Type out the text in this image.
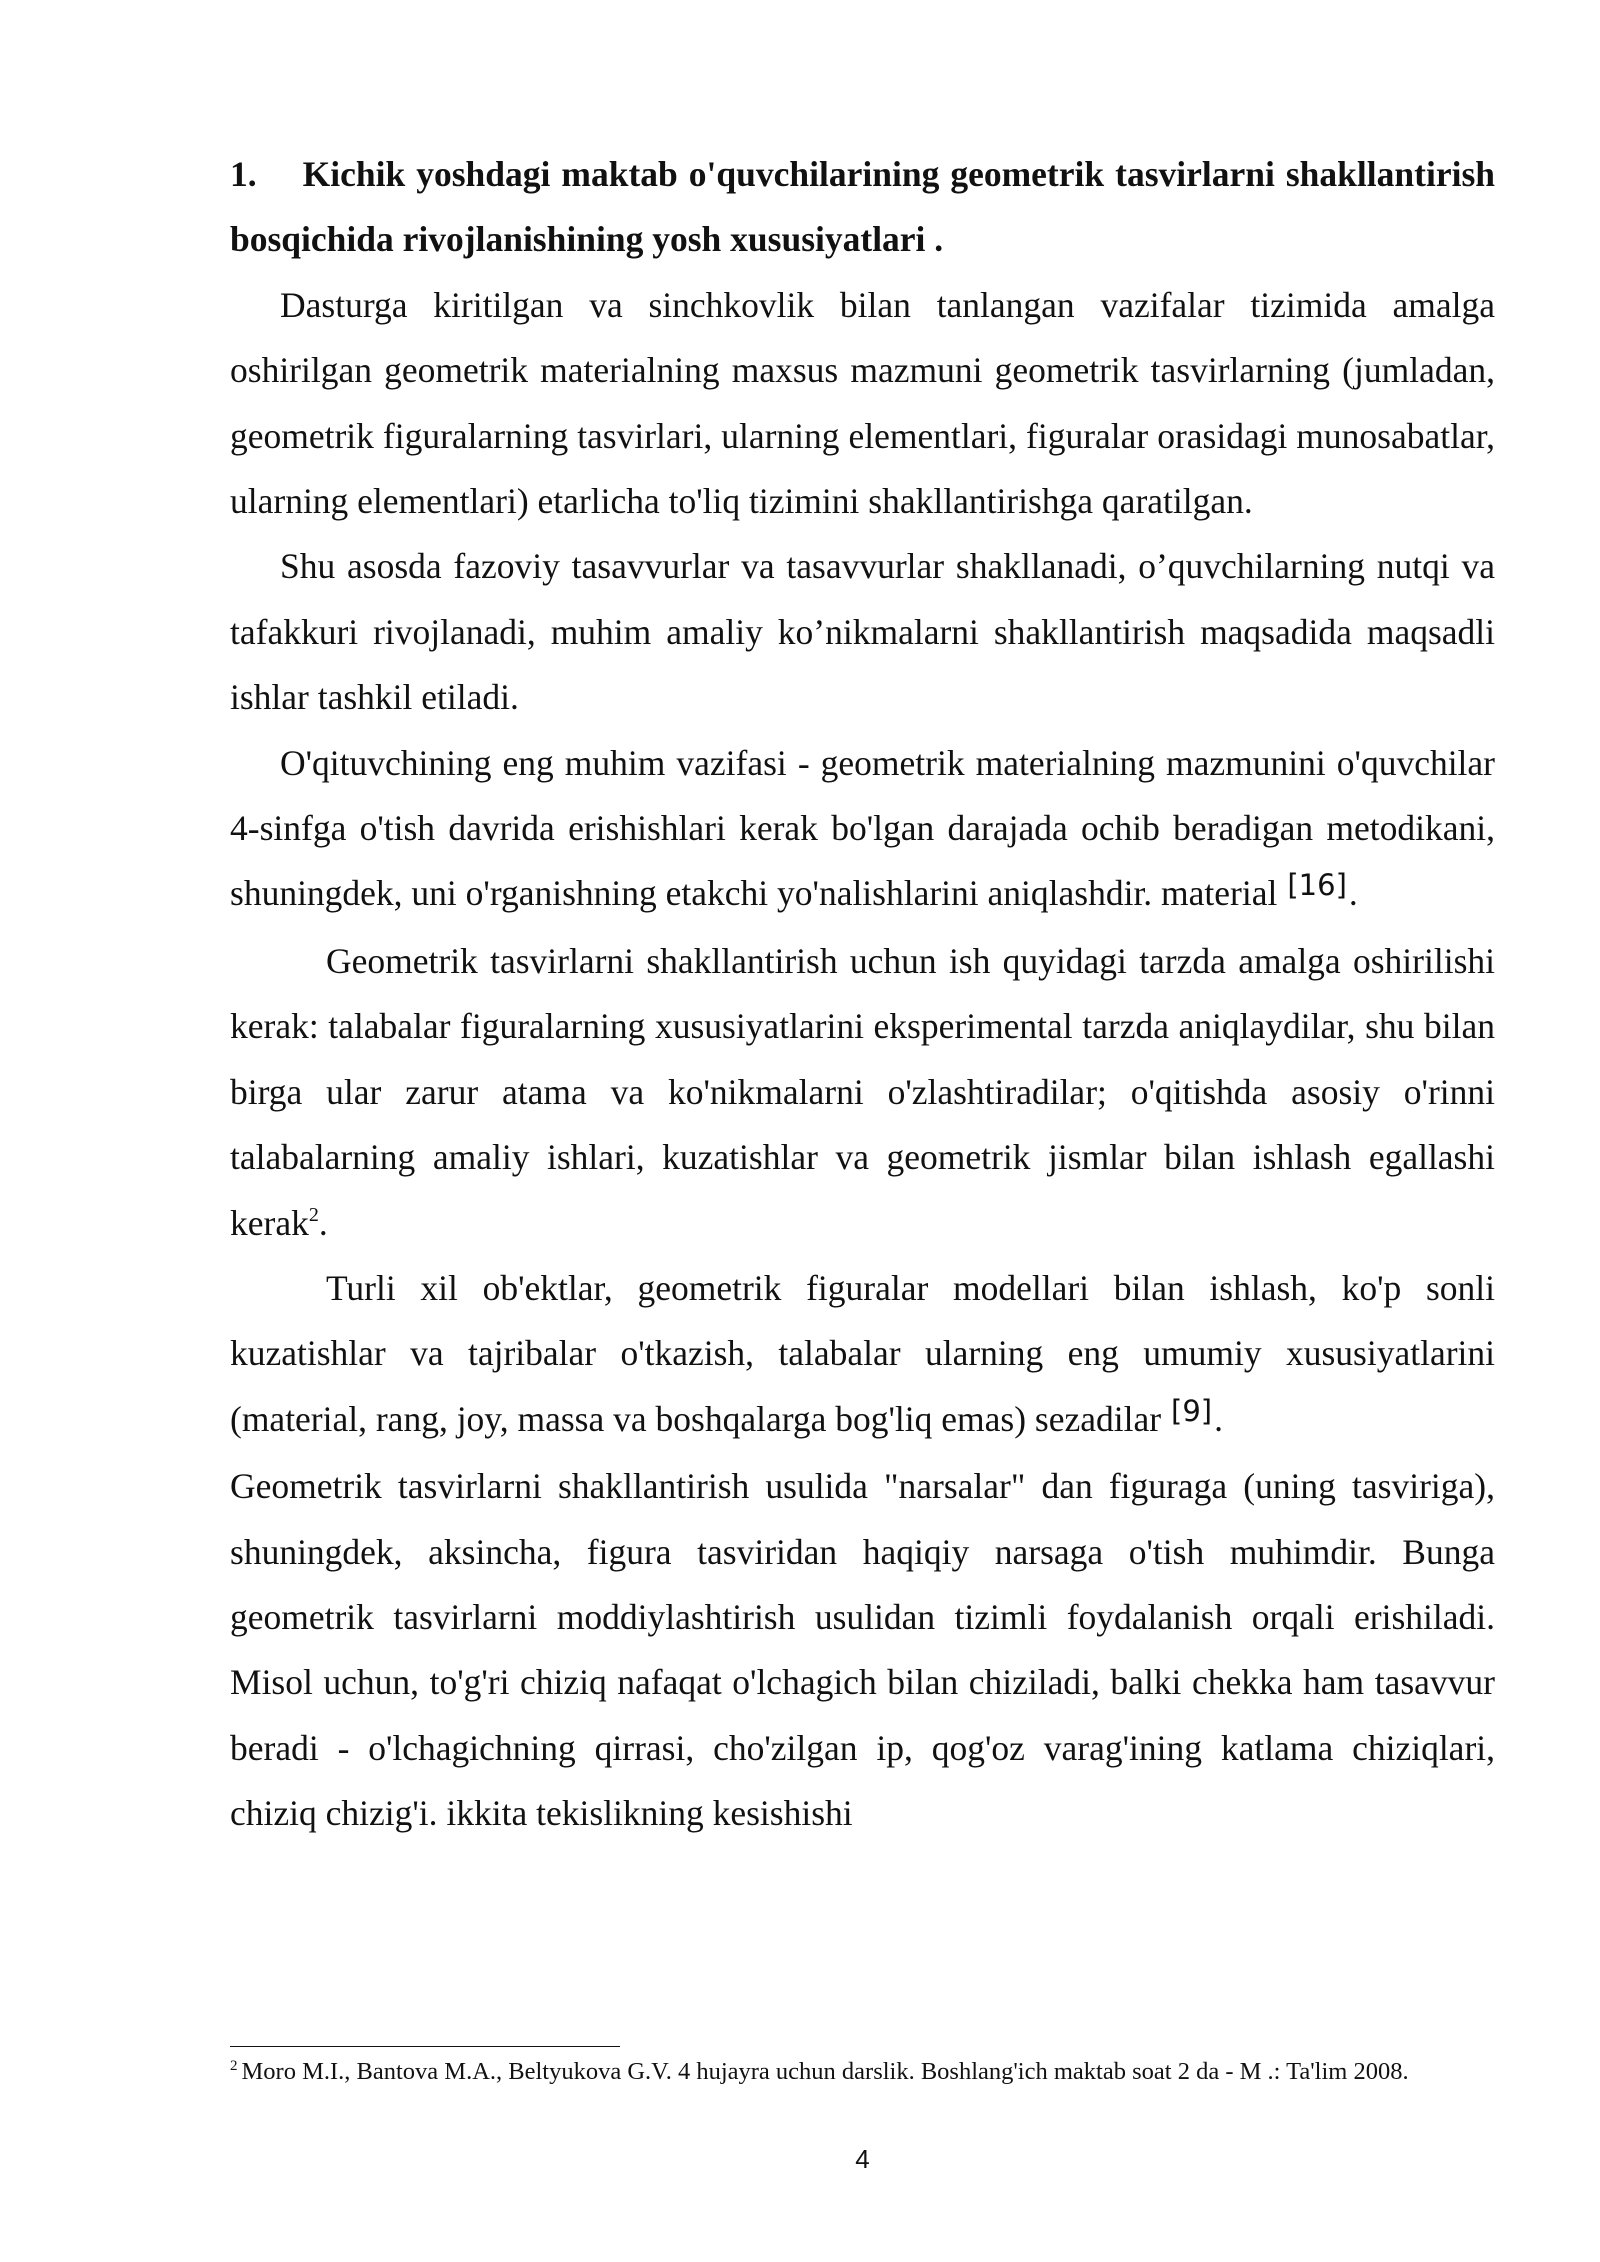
1. Kichik yoshdagi maktab o'quvchilarining geometrik tasvirlarni shakllantirish bosqichida rivojlanishining yosh xususiyatlari .

Dasturga kiritilgan va sinchkovlik bilan tanlangan vazifalar tizimida amalga oshirilgan geometrik materialning maxsus mazmuni geometrik tasvirlarning (jumladan, geometrik figuralarning tasvirlari, ularning elementlari, figuralar orasidagi munosabatlar, ularning elementlari) etarlicha to'liq tizimini shakllantirishga qaratilgan.

Shu asosda fazoviy tasavvurlar va tasavvurlar shakllanadi, o’quvchilarning nutqi va tafakkuri rivojlanadi, muhim amaliy ko’nikmalarni shakllantirish maqsadida maqsadli ishlar tashkil etiladi.

O'qituvchining eng muhim vazifasi - geometrik materialning mazmunini o'quvchilar 4-sinfga o'tish davrida erishishlari kerak bo'lgan darajada ochib beradigan metodikani, shuningdek, uni o'rganishning etakchi yo'nalishlarini aniqlashdir. material [16].

Geometrik tasvirlarni shakllantirish uchun ish quyidagi tarzda amalga oshirilishi kerak: talabalar figuralarning xususiyatlarini eksperimental tarzda aniqlaydilar, shu bilan birga ular zarur atama va ko'nikmalarni o'zlashtiradilar; o'qitishda asosiy o'rinni talabalarning amaliy ishlari, kuzatishlar va geometrik jismlar bilan ishlash egallashi kerak$^2$.

Turli xil ob'ektlar, geometrik figuralar modellari bilan ishlash, ko'p sonli kuzatishlar va tajribalar o'tkazish, talabalar ularning eng umumiy xususiyatlarini (material, rang, joy, massa va boshqalarga bog'liq emas) sezadilar [9].

Geometrik tasvirlarni shakllantirish usulida "narsalar" dan figuraga (uning tasviriga), shuningdek, aksincha, figura tasviridan haqiqiy narsaga o'tish muhimdir. Bunga geometrik tasvirlarni moddiylashtirish usulidan tizimli foydalanish orqali erishiladi. Misol uchun, to'g'ri chiziq nafaqat o'lchagich bilan chiziladi, balki chekka ham tasavvur beradi - o'lchagichning qirrasi, cho'zilgan ip, qog'oz varag'ining katlama chiziqlari, chiziq chizig'i. ikkita tekislikning kesishishi

$^2$ Moro M.I., Bantova M.A., Beltyukova G.V. 4 hujayra uchun darslik. Boshlang'ich maktab soat 2 da - M .: Ta'lim 2008.
4
